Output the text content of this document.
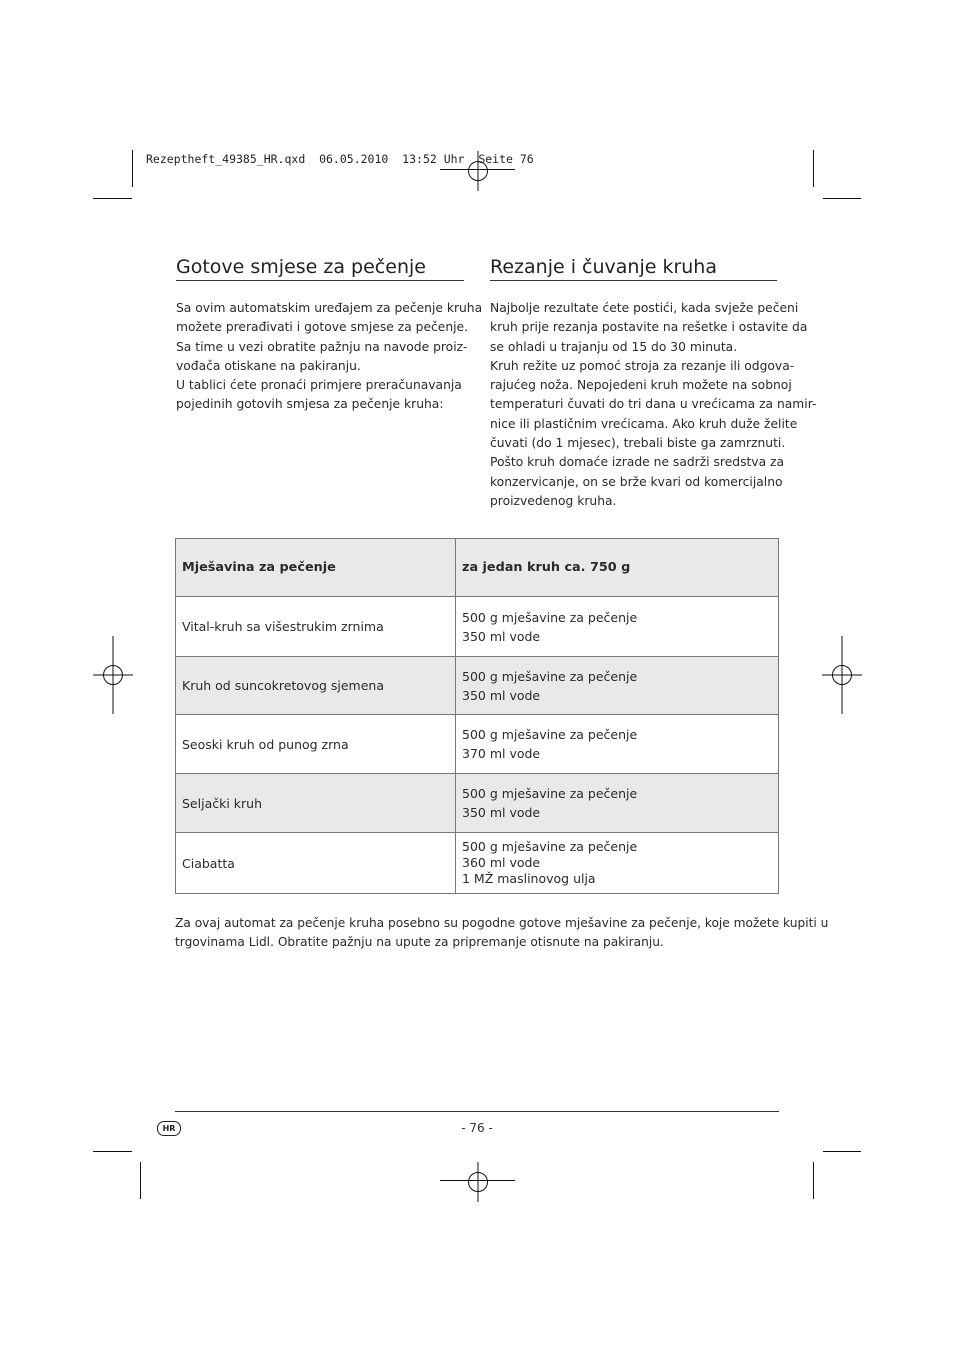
Rezeptheft_49385_HR.qxd  06.05.2010  13:52 Uhr  Seite 76
Gotove smjese za pečenje
Sa ovim automatskim uređajem za pečenje kruha
možete prerađivati i gotove smjese za pečenje.
Sa time u vezi obratite pažnju na navode proiz-
vođača otiskane na pakiranju.
U tablici ćete pronaći primjere preračunavanja
pojedinih gotovih smjesa za pečenje kruha:
Rezanje i čuvanje kruha
Najbolje rezultate ćete postići, kada svježe pečeni
kruh prije rezanja postavite na rešetke i ostavite da
se ohladi u trajanju od 15 do 30 minuta.
Kruh režite uz pomoć stroja za rezanje ili odgova-
rajućeg noža. Nepojedeni kruh možete na sobnoj
temperaturi čuvati do tri dana u vrećicama za namir-
nice ili plastičnim vrećicama. Ako kruh duže želite
čuvati (do 1 mjesec), trebali biste ga zamrznuti.
Pošto kruh domaće izrade ne sadrži sredstva za
konzervicanje, on se brže kvari od komercijalno
proizvedenog kruha.
Mješavina za pečenje	za jedan kruh ca. 750 g
Vital-kruh sa višestrukim zrnima	500 g mješavine za pečenje
350 ml vode

Kruh od suncokretovog sjemena	500 g mješavine za pečenje
350 ml vode

Seoski kruh od punog zrna	500 g mješavine za pečenje
370 ml vode

Seljački kruh	500 g mješavine za pečenje
350 ml vode

Ciabatta	500 g mješavine za pečenje
360 ml vode
1 MŽ maslinovog ulja
Za ovaj automat za pečenje kruha posebno su pogodne gotove mješavine za pečenje, koje možete kupiti u
trgovinama Lidl. Obratite pažnju na upute za pripremanje otisnute na pakiranju.
HR	- 76 -
